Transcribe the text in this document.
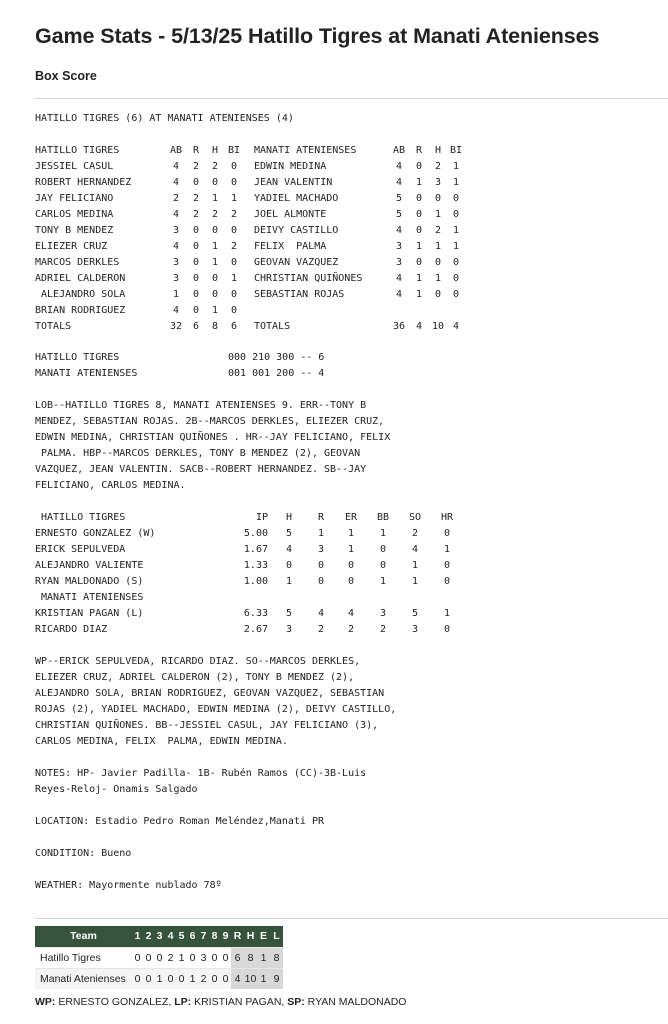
Game Stats - 5/13/25 Hatillo Tigres at Manati Atenienses
Box Score
HATILLO TIGRES (6) AT MANATI ATENIENSES (4)
HATILLO TIGRES	AB	R	H BI MANATI ATENIENSES	AB	R	H BI
JESSIEL CASUL	4	2	2	0	EDWIN MEDINA	4	0	2	1
ROBERT HERNANDEZ	4	0	0	0	JEAN VALENTIN	4	1	3	1
JAY FELICIANO	2	2	1	1	YADIEL MACHADO	5	0	0	0
CARLOS MEDINA	4	2	2	2	JOEL ALMONTE	5	0	1	0
TONY B MENDEZ	3	0	0	0	DEIVY CASTILLO	4	0	2	1
ELIEZER CRUZ	4	0	1	2	FELIX  PALMA	3	1	1	1
MARCOS DERKLES	3	0	1	0	GEOVAN VAZQUEZ	3	0	0	0
ADRIEL CALDERON	3	0	0	1	CHRISTIAN QUIÑONES	4	1	1	0
ALEJANDRO SOLA	1	0	0	0	SEBASTIAN ROJAS	4	1	0	0
BRIAN RODRIGUEZ	4	0	1	0
TOTALS	32	6	8	6	TOTALS	36	4 10 4
HATILLO TIGRES	000 210 300 -- 6
MANATI ATENIENSES	001 001 200 -- 4
LOB--HATILLO TIGRES 8, MANATI ATENIENSES 9. ERR--TONY B
MENDEZ, SEBASTIAN ROJAS. 2B--MARCOS DERKLES, ELIEZER CRUZ,
EDWIN MEDINA, CHRISTIAN QUIÑONES . HR--JAY FELICIANO, FELIX
PALMA. HBP--MARCOS DERKLES, TONY B MENDEZ (2), GEOVAN
VAZQUEZ, JEAN VALENTIN. SACB--ROBERT HERNANDEZ. SB--JAY
FELICIANO, CARLOS MEDINA.
HATILLO TIGRES	IP	H	R	ER BB SO HR
ERNESTO GONZALEZ (W)	5.00	5	1	1	1	2	0
ERICK SEPULVEDA	1.67	4	3	1	0	4	1
ALEJANDRO VALIENTE	1.33	0	0	0	0	1	0
RYAN MALDONADO (S)	1.00	1	0	0	1	1	0
MANATI ATENIENSES
KRISTIAN PAGAN (L)	6.33	5	4	4	3	5	1
RICARDO DIAZ	2.67	3	2	2	2	3	0
WP--ERICK SEPULVEDA, RICARDO DIAZ. SO--MARCOS DERKLES,
ELIEZER CRUZ, ADRIEL CALDERON (2), TONY B MENDEZ (2),
ALEJANDRO SOLA, BRIAN RODRIGUEZ, GEOVAN VAZQUEZ, SEBASTIAN
ROJAS (2), YADIEL MACHADO, EDWIN MEDINA (2), DEIVY CASTILLO,
CHRISTIAN QUIÑONES. BB--JESSIEL CASUL, JAY FELICIANO (3),
CARLOS MEDINA, FELIX  PALMA, EDWIN MEDINA.
NOTES: HP- Javier Padilla- 1B- Rubén Ramos (CC)-3B-Luis
Reyes-Reloj- Onamis Salgado
LOCATION: Estadio Pedro Roman Meléndez,Manati PR
CONDITION: Bueno
WEATHER: Mayormente nublado 78º
Team	1	2	3	4	5	6	7	8	9	R	H	E	L
Hatillo Tigres	0	0	0	2	1	0	3	0	0	6	8	1	8
Manati Atenienses	0	0	1	0	0	1	2	0	0	4	10	1	9
WP: ERNESTO GONZALEZ, LP: KRISTIAN PAGAN, SP: RYAN MALDONADO
